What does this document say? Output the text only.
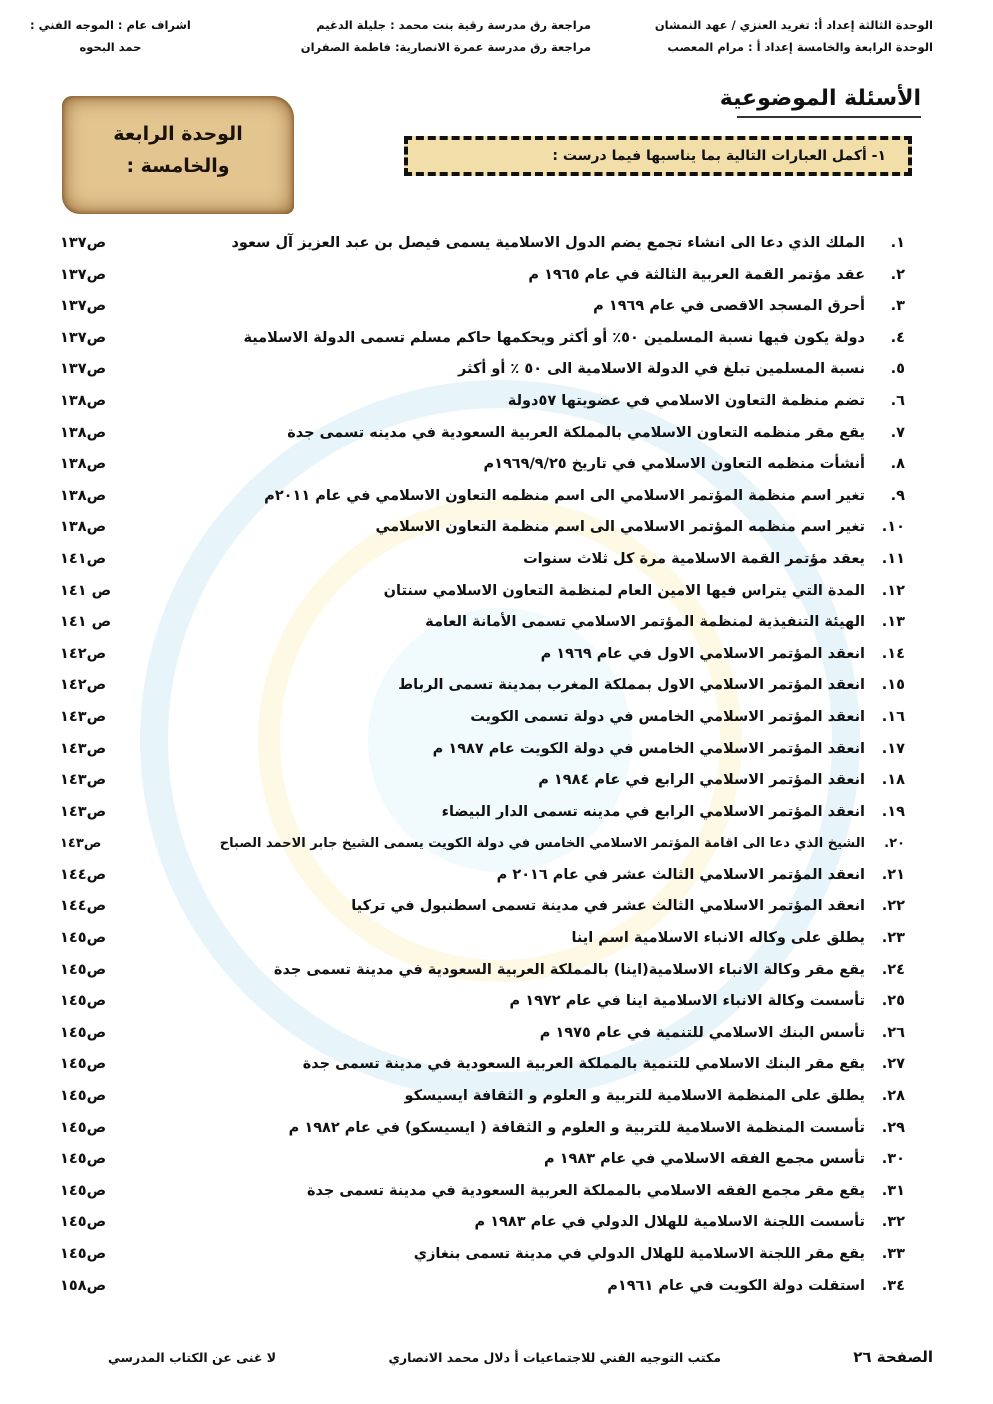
الوحدة الثالثة إعداد أ: تغريد العنزي / عهد النمشان
الوحدة الرابعة والخامسة إعداد أ : مرام المعصب
مراجعة رق مدرسة رقية بنت محمد : جليلة الدغيم
مراجعة رق مدرسة عمرة الانصارية: فاطمة الصفران
اشراف عام : الموجه الفني :
حمد البحوه
الأسئلة الموضوعية
الوحدة الرابعة
والخامسة :	١- أكمل العبارات التالية بما يناسبها فيما درست :
١.
الملك الذي دعا الى انشاء تجمع يضم الدول الاسلامية يسمى فيصل بن عبد العزيز آل سعود
ص١٣٧
٢.
عقد مؤتمر القمة العربية الثالثة في عام ١٩٦٥ م
ص١٣٧
٣.
أحرق المسجد الاقصى في عام ١٩٦٩ م
ص١٣٧
٤.
دولة يكون فيها نسبة المسلمين ٥٠٪ أو أكثر ويحكمها حاكم مسلم تسمى الدولة الاسلامية
ص١٣٧
٥.
نسبة المسلمين تبلغ في الدولة الاسلامية الى ٥٠ ٪ أو أكثر
ص١٣٧
٦.
تضم منظمة التعاون الاسلامي في عضويتها ٥٧دولة
ص١٣٨
٧.
يقع مقر منظمه التعاون الاسلامي بالمملكة العربية السعودية في مدينه تسمى جدة
ص١٣٨
٨.
أنشأت منظمه التعاون الاسلامي في تاريخ ١٩٦٩/٩/٢٥م
ص١٣٨
٩.
تغير اسم منظمة المؤتمر الاسلامي الى اسم منظمه التعاون الاسلامي في عام ٢٠١١م
ص١٣٨
١٠.
تغير اسم منظمه المؤتمر الاسلامي الى اسم منظمة التعاون الاسلامي
ص١٣٨
١١.
يعقد مؤتمر القمة الاسلامية مرة كل ثلاث سنوات
ص١٤١
١٢.
المدة التي يتراس فيها الامين العام لمنظمة التعاون الاسلامي سنتان
ص ١٤١
١٣.
الهيئة التنفيذية لمنظمة المؤتمر الاسلامي تسمى الأمانة العامة
ص ١٤١
١٤.
انعقد المؤتمر الاسلامي الاول في عام ١٩٦٩ م
ص١٤٢
١٥.
انعقد المؤتمر الاسلامي الاول بمملكة المغرب بمدينة تسمى الرباط
ص١٤٢
١٦.
انعقد المؤتمر الاسلامي الخامس في دولة تسمى الكويت
ص١٤٣
١٧.
انعقد المؤتمر الاسلامي الخامس في دولة الكويت عام ١٩٨٧ م
ص١٤٣
١٨.
انعقد المؤتمر الاسلامي الرابع في عام ١٩٨٤ م
ص١٤٣
١٩.
انعقد المؤتمر الاسلامي الرابع في مدينه تسمى الدار البيضاء
ص١٤٣
٢٠.
الشيخ الذي دعا الى اقامة المؤتمر الاسلامي الخامس في دولة الكويت يسمى الشيخ جابر الاحمد الصباح
ص١٤٣
٢١.
انعقد المؤتمر الاسلامي الثالث عشر في عام ٢٠١٦ م
ص١٤٤
٢٢.
انعقد المؤتمر الاسلامي الثالث عشر في مدينة تسمى اسطنبول في تركيا
ص١٤٤
٢٣.
يطلق على وكاله الانباء الاسلامية اسم اينا
ص١٤٥
٢٤.
يقع مقر وكالة الانباء الاسلامية(اينا) بالمملكة العربية السعودية في مدينة تسمى جدة
ص١٤٥
٢٥.
تأسست وكالة الانباء الاسلامية اينا في عام ١٩٧٢ م
ص١٤٥
٢٦.
تأسس البنك الاسلامي للتنمية في عام ١٩٧٥ م
ص١٤٥
٢٧.
يقع مقر البنك الاسلامي للتنمية بالمملكة العربية السعودية في مدينة تسمى جدة
ص١٤٥
٢٨.
يطلق على المنظمة الاسلامية للتربية و العلوم و الثقافة ايسيسكو
ص١٤٥
٢٩.
تأسست المنظمة الاسلامية للتربية و العلوم و الثقافة ( ايسيسكو) في عام ١٩٨٢ م
ص١٤٥
٣٠.
تأسس مجمع الفقه الاسلامي في عام ١٩٨٣ م
ص١٤٥
٣١.
يقع مقر مجمع الفقه الاسلامي بالمملكة العربية السعودية في مدينة تسمى جدة
ص١٤٥
٣٢.
تأسست اللجنة الاسلامية للهلال الدولي في عام ١٩٨٣ م
ص١٤٥
٣٣.
يقع مقر اللجنة الاسلامية للهلال الدولي في مدينة تسمى بنغازي
ص١٤٥
٣٤.
استقلت دولة الكويت في عام ١٩٦١م
ص١٥٨
الصفحة ٢٦
مكتب التوجيه الفني للاجتماعيات أ دلال محمد الانصاري
لا غنى عن الكتاب المدرسي
